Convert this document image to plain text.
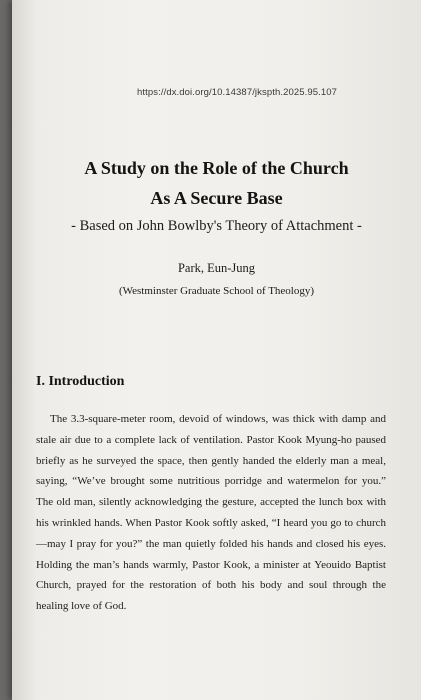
https://dx.doi.org/10.14387/jkspth.2025.95.107
A Study on the Role of the Church
As A Secure Base
- Based on John Bowlby's Theory of Attachment -
Park, Eun-Jung
(Westminster Graduate School of Theology)
I. Introduction

The 3.3-square-meter room, devoid of windows, was thick with damp and stale air due to a complete lack of ventilation. Pastor Kook Myung-ho paused briefly as he surveyed the space, then gently handed the elderly man a meal, saying, “We’ve brought some nutritious porridge and watermelon for you.” The old man, silently acknowledging the gesture, accepted the lunch box with his wrinkled hands. When Pastor Kook softly asked, “I heard you go to church—may I pray for you?” the man quietly folded his hands and closed his eyes. Holding the man’s hands warmly, Pastor Kook, a minister at Yeouido Baptist Church, prayed for the restoration of both his body and soul through the healing love of God.
